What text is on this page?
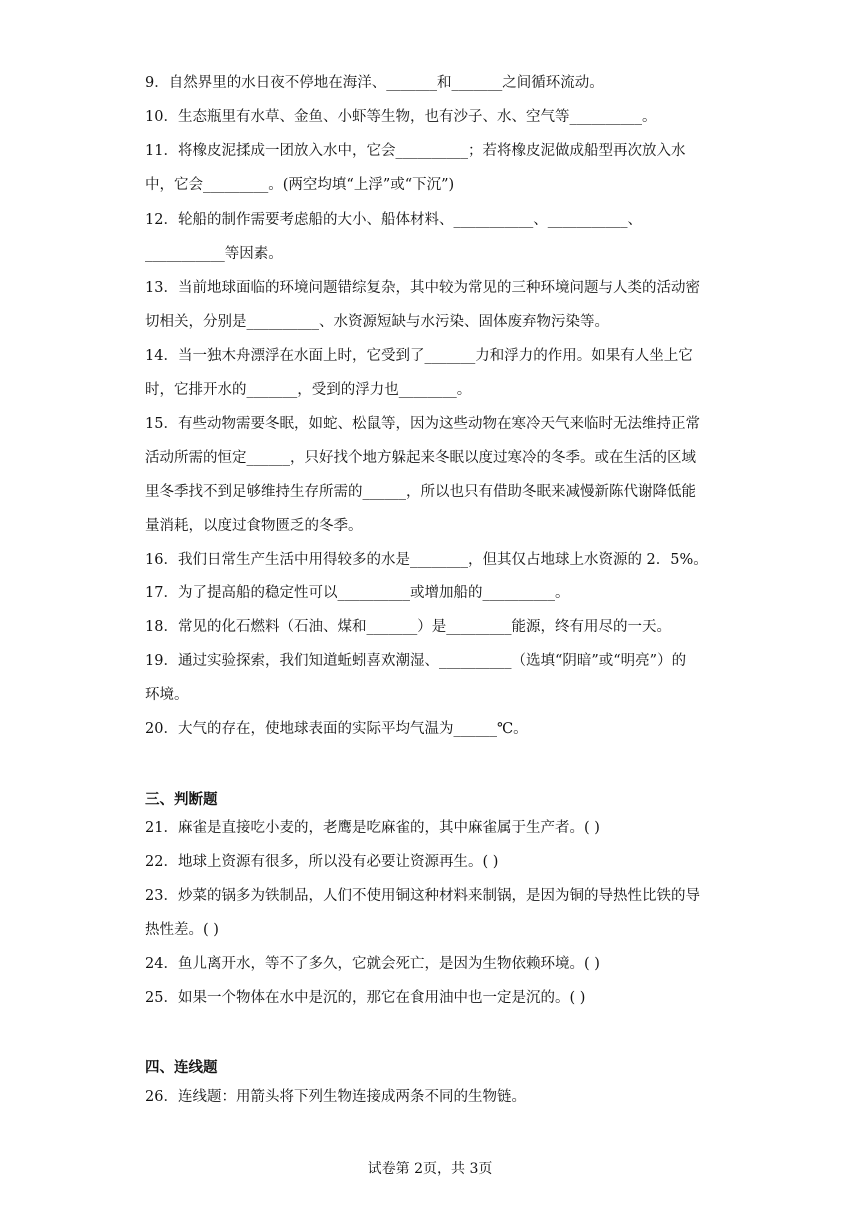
9．自然界里的水日夜不停地在海洋、_______和_______之间循环流动。
10．生态瓶里有水草、金鱼、小虾等生物，也有沙子、水、空气等__________。
11．将橡皮泥揉成一团放入水中，它会__________；若将橡皮泥做成船型再次放入水
中，它会_________。(两空均填“上浮”或“下沉”)
12．轮船的制作需要考虑船的大小、船体材料、___________、___________、
___________等因素。
13．当前地球面临的环境问题错综复杂，其中较为常见的三种环境问题与人类的活动密
切相关，分别是__________、水资源短缺与水污染、固体废弃物污染等。
14．当一独木舟漂浮在水面上时，它受到了_______力和浮力的作用。如果有人坐上它
时，它排开水的_______，受到的浮力也________。
15．有些动物需要冬眠，如蛇、松鼠等，因为这些动物在寒冷天气来临时无法维持正常
活动所需的恒定______，只好找个地方躲起来冬眠以度过寒冷的冬季。或在生活的区域
里冬季找不到足够维持生存所需的______，所以也只有借助冬眠来减慢新陈代谢降低能
量消耗，以度过食物匮乏的冬季。
16．我们日常生产生活中用得较多的水是________，但其仅占地球上水资源的 2．5%。
17．为了提高船的稳定性可以__________或增加船的__________。
18．常见的化石燃料（石油、煤和_______）是_________能源，终有用尽的一天。
19．通过实验探索，我们知道蚯蚓喜欢潮湿、__________（选填“阴暗”或“明亮”）的
环境。
20．大气的存在，使地球表面的实际平均气温为______℃。
三、判断题
21．麻雀是直接吃小麦的，老鹰是吃麻雀的，其中麻雀属于生产者。( )
22．地球上资源有很多，所以没有必要让资源再生。( )
23．炒菜的锅多为铁制品，人们不使用铜这种材料来制锅，是因为铜的导热性比铁的导
热性差。( )
24．鱼儿离开水，等不了多久，它就会死亡，是因为生物依赖环境。( )
25．如果一个物体在水中是沉的，那它在食用油中也一定是沉的。( )
四、连线题
26．连线题：用箭头将下列生物连接成两条不同的生物链。
试卷第 2页，共 3页
